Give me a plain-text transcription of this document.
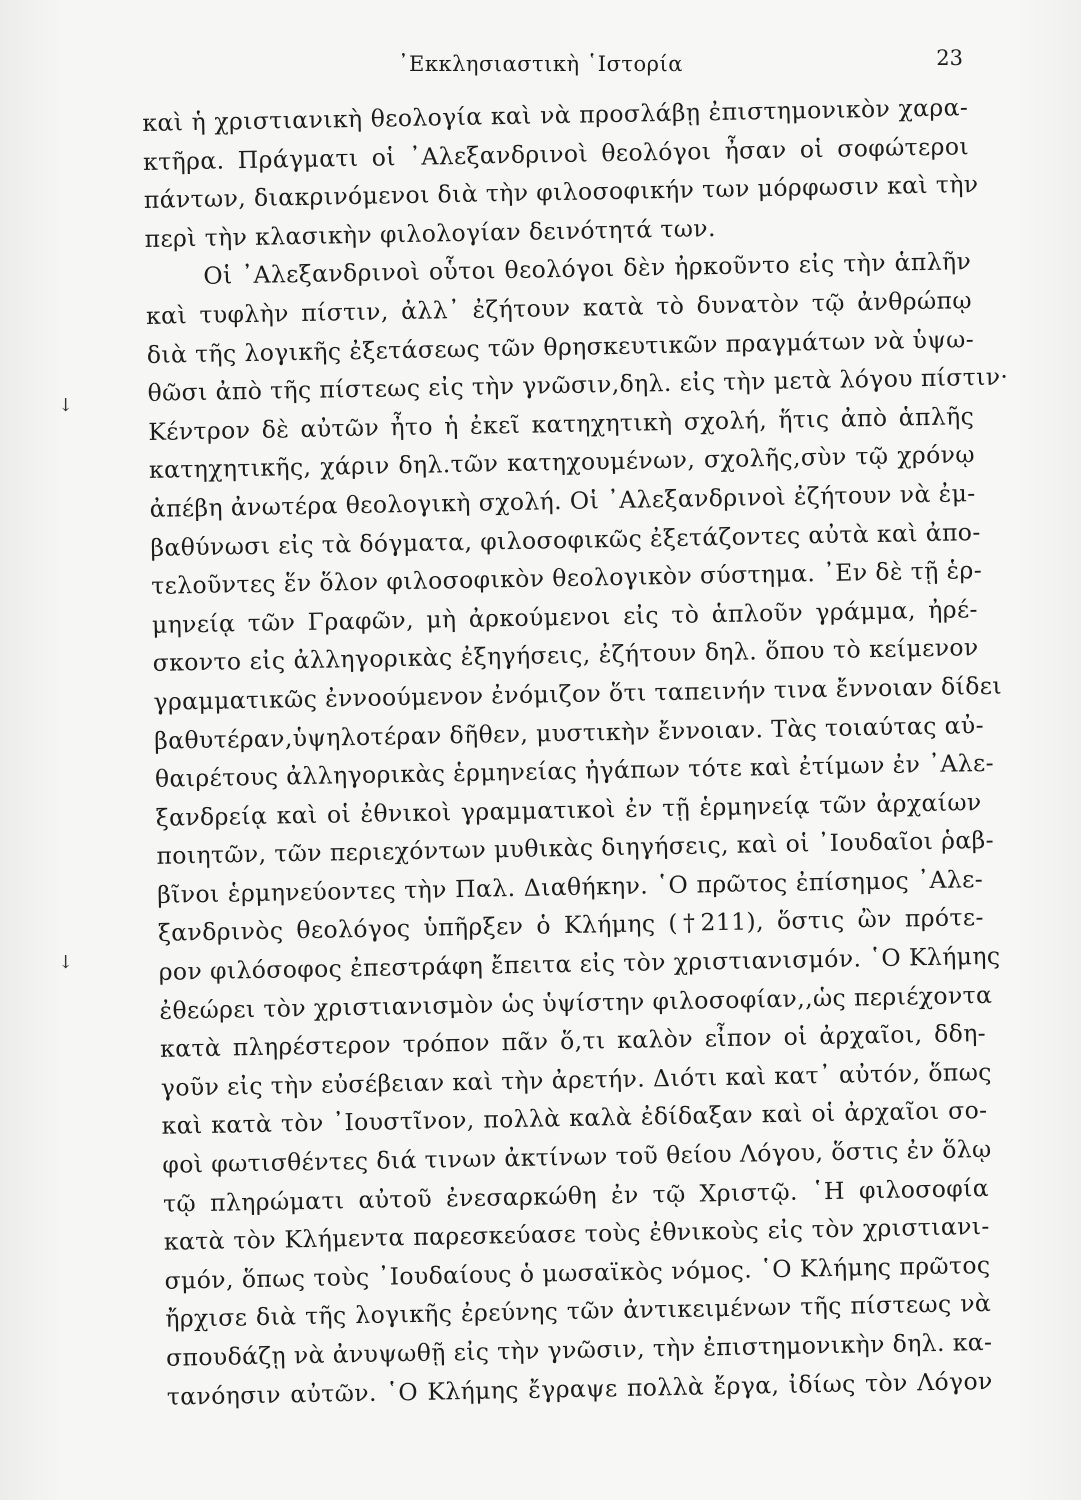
᾿Εκκλησιαστικὴ ῾Ιστορία	23
↓
↓
καὶ ἡ χριστιανικὴ θεολογία καὶ νὰ προσλάβῃ ἐπιστημονικὸν χαρα-
κτῆρα. Πράγματι οἱ ᾿Αλεξανδρινοὶ θεολόγοι ἦσαν οἱ σοφώτεροι
πάντων, διακρινόμενοι διὰ τὴν φιλοσοφικήν των μόρφωσιν καὶ τὴν
περὶ τὴν κλασικὴν φιλολογίαν δεινότητά των.
Οἱ ᾿Αλεξανδρινοὶ οὗτοι θεολόγοι δὲν ἠρκοῦντο εἰς τὴν ἁπλῆν
καὶ τυφλὴν πίστιν, ἀλλ᾿ ἐζήτουν κατὰ τὸ δυνατὸν τῷ ἀνθρώπῳ
διὰ τῆς λογικῆς ἐξετάσεως τῶν θρησκευτικῶν πραγμάτων νὰ ὑψω-
θῶσι ἀπὸ τῆς πίστεως εἰς τὴν γνῶσιν,δηλ. εἰς τὴν μετὰ λόγου πίστιν·
Κέντρον δὲ αὐτῶν ἦτο ἡ ἐκεῖ κατηχητικὴ σχολή, ἥτις ἀπὸ ἁπλῆς
κατηχητικῆς, χάριν δηλ.τῶν κατηχουμένων, σχολῆς,σὺν τῷ χρόνῳ
ἀπέβη ἀνωτέρα θεολογικὴ σχολή. Οἱ ᾿Αλεξανδρινοὶ ἐζήτουν νὰ ἐμ-
βαθύνωσι εἰς τὰ δόγματα, φιλοσοφικῶς ἐξετάζοντες αὐτὰ καὶ ἀπο-
τελοῦντες ἕν ὅλον φιλοσοφικὸν θεολογικὸν σύστημα. ᾿Εν δὲ τῇ ἑρ-
μηνείᾳ τῶν Γραφῶν, μὴ ἀρκούμενοι εἰς τὸ ἁπλοῦν γράμμα, ἠρέ-
σκοντο εἰς ἀλληγορικὰς ἐξηγήσεις, ἐζήτουν δηλ. ὅπου τὸ κείμενον
γραμματικῶς ἐννοούμενον ἐνόμιζον ὅτι ταπεινήν τινα ἔννοιαν δίδει
βαθυτέραν,ὑψηλοτέραν δῆθεν, μυστικὴν ἔννοιαν. Τὰς τοιαύτας αὐ-
θαιρέτους ἀλληγορικὰς ἑρμηνείας ἠγάπων τότε καὶ ἐτίμων ἐν ᾿Αλε-
ξανδρείᾳ καὶ οἱ ἐθνικοὶ γραμματικοὶ ἐν τῇ ἑρμηνείᾳ τῶν ἀρχαίων
ποιητῶν, τῶν περιεχόντων μυθικὰς διηγήσεις, καὶ οἱ ᾿Ιουδαῖοι ῥαβ-
βῖνοι ἑρμηνεύοντες τὴν Παλ. Διαθήκην. ῾Ο πρῶτος ἐπίσημος ᾿Αλε-
ξανδρινὸς θεολόγος ὑπῆρξεν ὁ Κλήμης (†211), ὅστις ὢν πρότε-
ρον φιλόσοφος ἐπεστράφη ἔπειτα εἰς τὸν χριστιανισμόν. ῾Ο Κλήμης
ἐθεώρει τὸν χριστιανισμὸν ὡς ὑψίστην φιλοσοφίαν,,ὡς περιέχοντα
κατὰ πληρέστερον τρόπον πᾶν ὅ,τι καλὸν εἶπον οἱ ἀρχαῖοι, δδη-
γοῦν εἰς τὴν εὐσέβειαν καὶ τὴν ἀρετήν. Διότι καὶ κατ᾿ αὐτόν, ὅπως
καὶ κατὰ τὸν ᾿Ιουστῖνον, πολλὰ καλὰ ἐδίδαξαν καὶ οἱ ἀρχαῖοι σο-
φοὶ φωτισθέντες διά τινων ἀκτίνων τοῦ θείου Λόγου, ὅστις ἐν ὅλῳ
τῷ πληρώματι αὐτοῦ ἐνεσαρκώθη ἐν τῷ Χριστῷ. ῾Η φιλοσοφία
κατὰ τὸν Κλήμεντα παρεσκεύασε τοὺς ἐθνικοὺς εἰς τὸν χριστιανι-
σμόν, ὅπως τοὺς ᾿Ιουδαίους ὁ μωσαϊκὸς νόμος. ῾Ο Κλήμης πρῶτος
ἤρχισε διὰ τῆς λογικῆς ἐρεύνης τῶν ἀντικειμένων τῆς πίστεως νὰ
σπουδάζῃ νὰ ἀνυψωθῇ εἰς τὴν γνῶσιν, τὴν ἐπιστημονικὴν δηλ. κα-
τανόησιν αὐτῶν. ῾Ο Κλήμης ἔγραψε πολλὰ ἔργα, ἰδίως τὸν Λόγον
